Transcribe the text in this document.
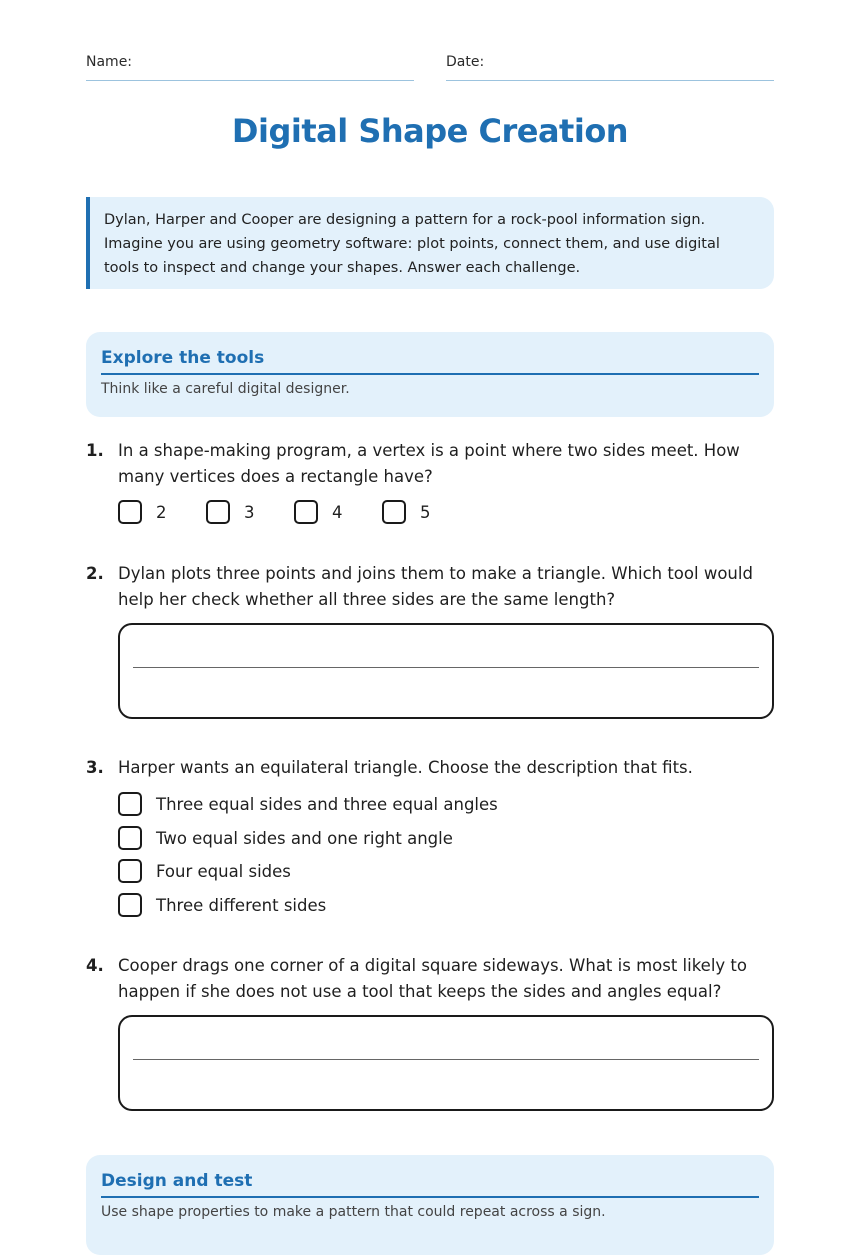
Name:	Date:
Digital Shape Creation
Dylan, Harper and Cooper are designing a pattern for a rock-pool information sign. Imagine you are using geometry software: plot points, connect them, and use digital tools to inspect and change your shapes. Answer each challenge.
Explore the tools
Think like a careful digital designer.
1. In a shape-making program, a vertex is a point where two sides meet. How many vertices does a rectangle have?
2	3	4	5
2. Dylan plots three points and joins them to make a triangle. Which tool would help her check whether all three sides are the same length?
3. Harper wants an equilateral triangle. Choose the description that fits.
Three equal sides and three equal angles
Two equal sides and one right angle
Four equal sides
Three different sides
4. Cooper drags one corner of a digital square sideways. What is most likely to happen if she does not use a tool that keeps the sides and angles equal?
Design and test
Use shape properties to make a pattern that could repeat across a sign.
